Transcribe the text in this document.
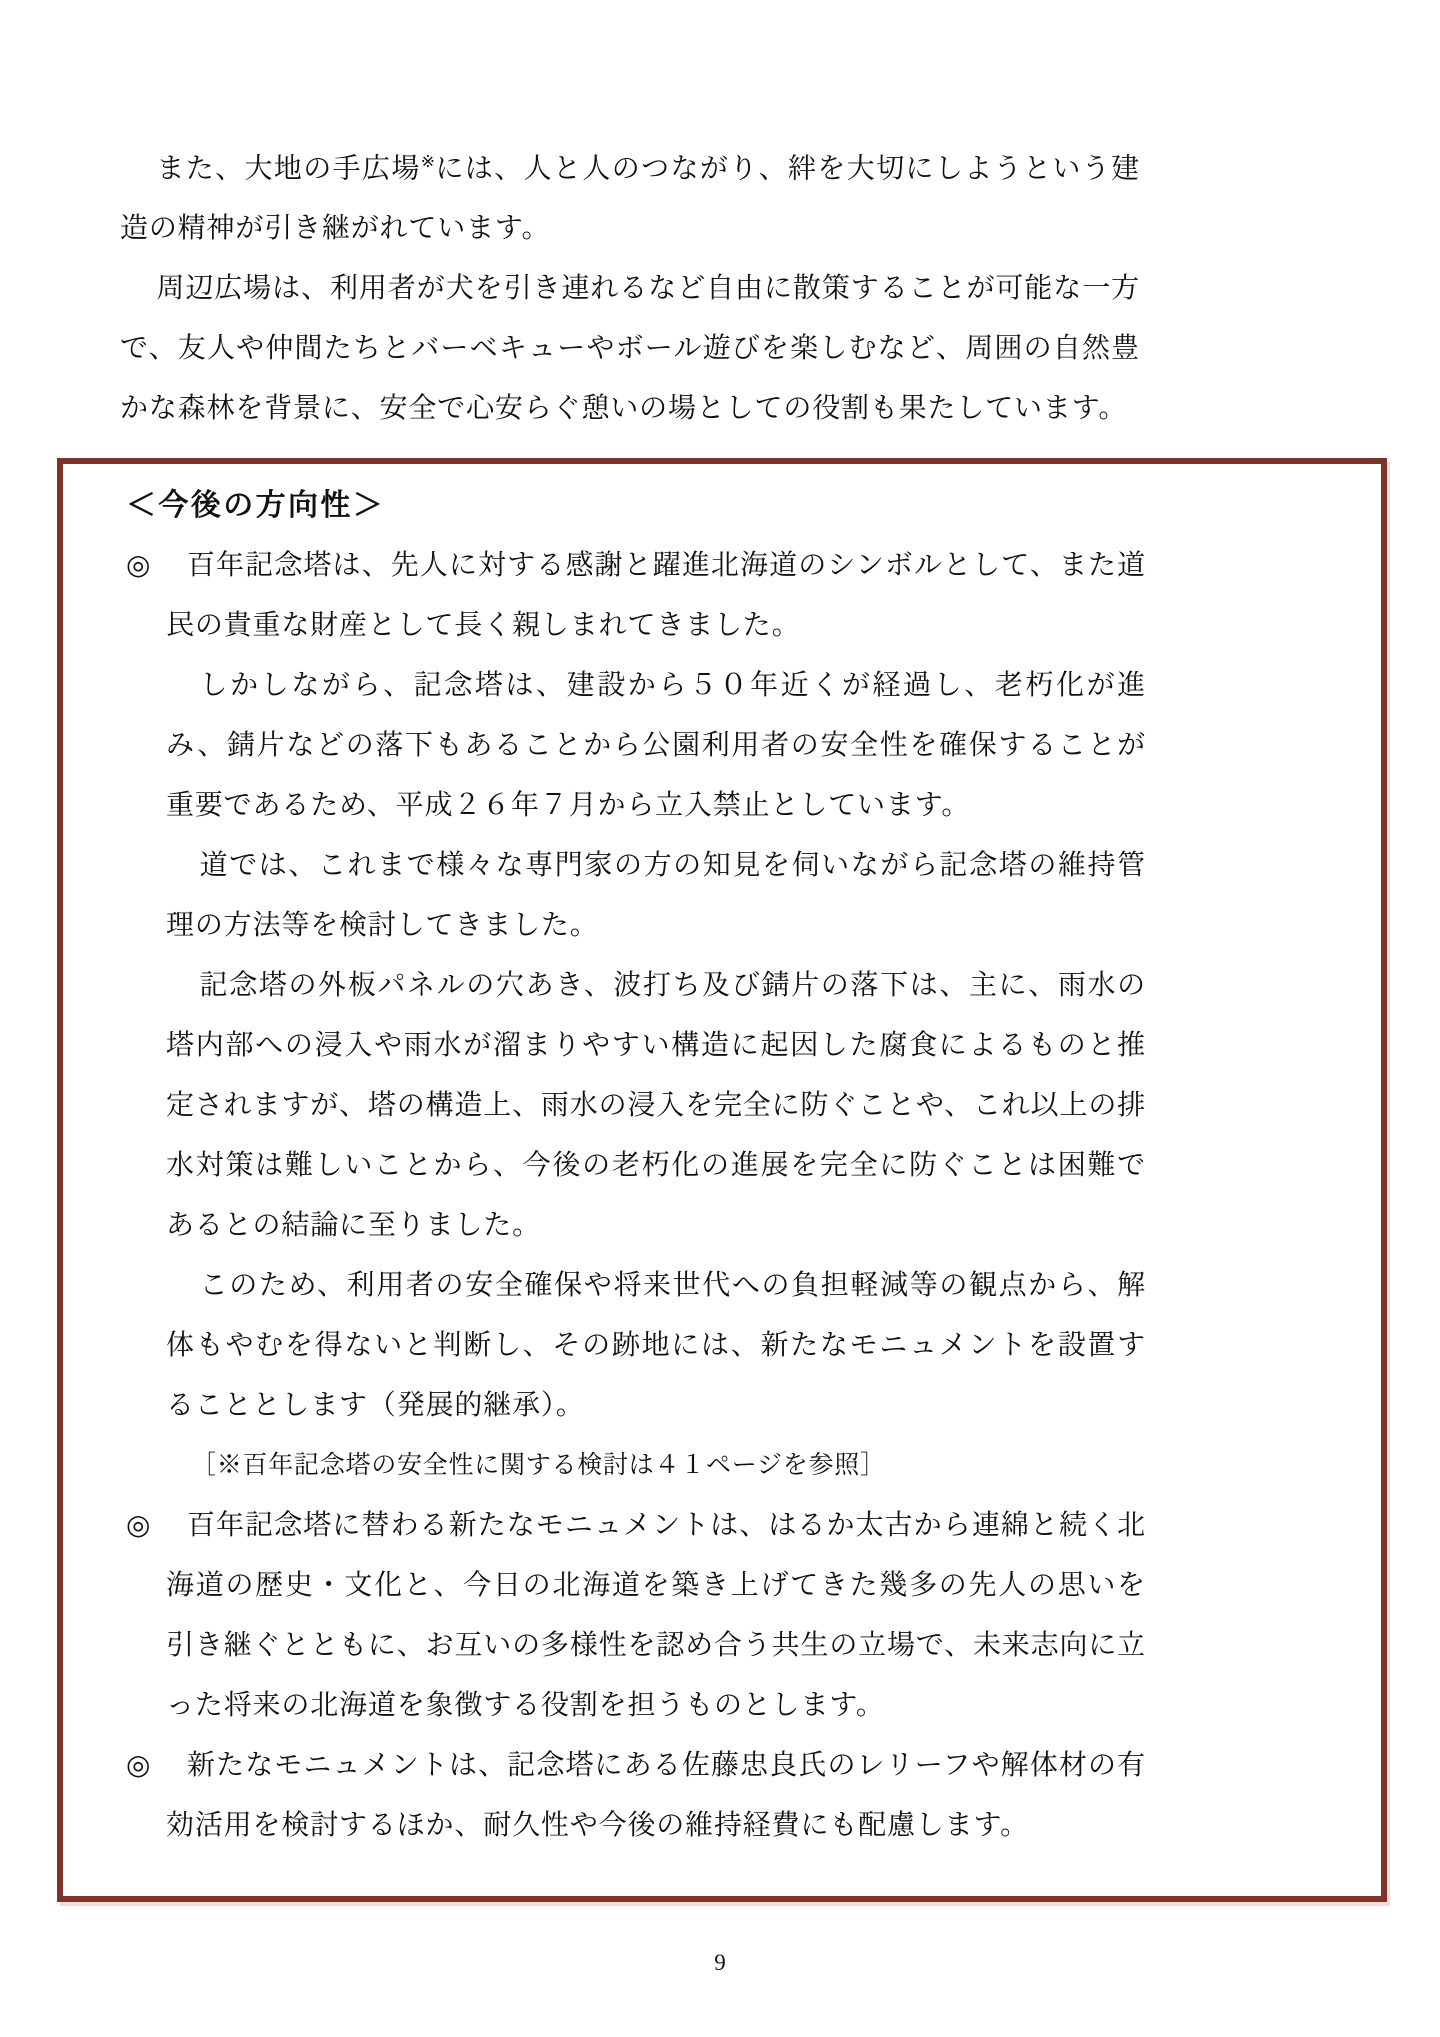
また、大地の手広場※には、人と人のつながり、絆を大切にしようという建造の精神が引き継がれています。

周辺広場は、利用者が犬を引き連れるなど自由に散策することが可能な一方で、友人や仲間たちとバーベキューやボール遊びを楽しむなど、周囲の自然豊かな森林を背景に、安全で心安らぐ憩いの場としての役割も果たしています。

＜今後の方向性＞
◎	百年記念塔は、先人に対する感謝と躍進北海道のシンボルとして、また道民の貴重な財産として長く親しまれてきました。

しかしながら、記念塔は、建設から５０年近くが経過し、老朽化が進み、錆片などの落下もあることから公園利用者の安全性を確保することが重要であるため、平成２６年７月から立入禁止としています。

道では、これまで様々な専門家の方の知見を伺いながら記念塔の維持管理の方法等を検討してきました。

記念塔の外板パネルの穴あき、波打ち及び錆片の落下は、主に、雨水の塔内部への浸入や雨水が溜まりやすい構造に起因した腐食によるものと推定されますが、塔の構造上、雨水の浸入を完全に防ぐことや、これ以上の排水対策は難しいことから、今後の老朽化の進展を完全に防ぐことは困難であるとの結論に至りました。

このため、利用者の安全確保や将来世代への負担軽減等の観点から、解体もやむを得ないと判断し、その跡地には、新たなモニュメントを設置することとします（発展的継承）。

［※百年記念塔の安全性に関する検討は４１ページを参照］

◎	百年記念塔に替わる新たなモニュメントは、はるか太古から連綿と続く北海道の歴史・文化と、今日の北海道を築き上げてきた幾多の先人の思いを引き継ぐとともに、お互いの多様性を認め合う共生の立場で、未来志向に立った将来の北海道を象徴する役割を担うものとします。

◎	新たなモニュメントは、記念塔にある佐藤忠良氏のレリーフや解体材の有効活用を検討するほか、耐久性や今後の維持経費にも配慮します。

9
